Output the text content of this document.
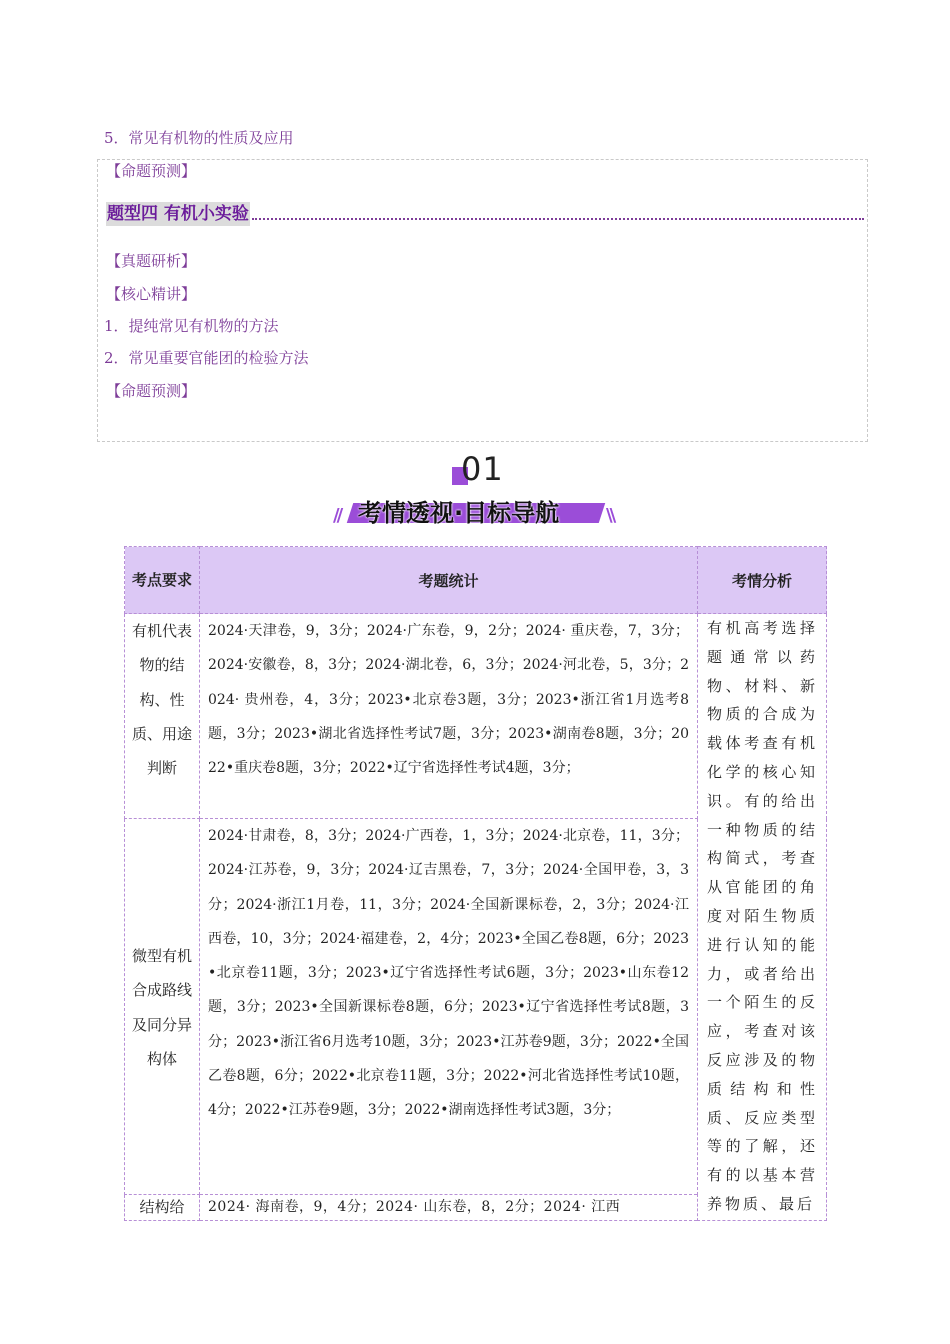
5．常见有机物的性质及应用
【命题预测】
题型四 有机小实验
【真题研析】
【核心精讲】
1．提纯常见有机物的方法
2．常见重要官能团的检验方法
【命题预测】
01
// 考情透视·目标导航	\\
考点要求	考题统计	考情分析

有机代表物的结构、性质、用途判断	2024·天津卷，9，3分；2024·广东卷，9，2分；2024· 重庆卷，7，3分；2024·安徽卷，8，3分；2024·湖北卷，6，3分；2024·河北卷，5，3分；2024· 贵州卷，4，3分；2023•北京卷3题，3分；2023•浙江省1月选考8题，3分；2023•湖北省选择性考试7题，3分；2023•湖南卷8题，3分；2022•重庆卷8题，3分；2022•辽宁省选择性考试4题，3分；	有机高考选择题通常以药物、材料、新物质的合成为载体考查有机化学的核心知识。有的给出一种物质的结构简式，考查从官能团的角度对陌生物质进行认知的能力，或者给出一个陌生的反应，考查对该反应涉及的物质结构和性质、反应类型等的了解，还有的以基本营养物质、最后

微型有机合成路线及同分异构体	2024·甘肃卷，8，3分；2024·广西卷，1，3分；2024·北京卷，11，3分；2024·江苏卷，9，3分；2024·辽吉黑卷，7，3分；2024·全国甲卷，3，3分；2024·浙江1月卷，11，3分；2024·全国新课标卷，2，3分；2024·江西卷，10，3分；2024·福建卷，2，4分；2023•全国乙卷8题，6分；2023•北京卷11题，3分；2023•辽宁省选择性考试6题，3分；2023•山东卷12题，3分；2023•全国新课标卷8题，6分；2023•辽宁省选择性考试8题，3分；2023•浙江省6月选考10题，3分；2023•江苏卷9题，3分；2022•全国乙卷8题，6分；2022•北京卷11题，3分；2022•河北省选择性考试10题，4分；2022•江苏卷9题，3分；2022•湖南选择性考试3题，3分；	

结构给	2024· 海南卷，9，4分；2024· 山东卷，8，2分；2024· 江西	
